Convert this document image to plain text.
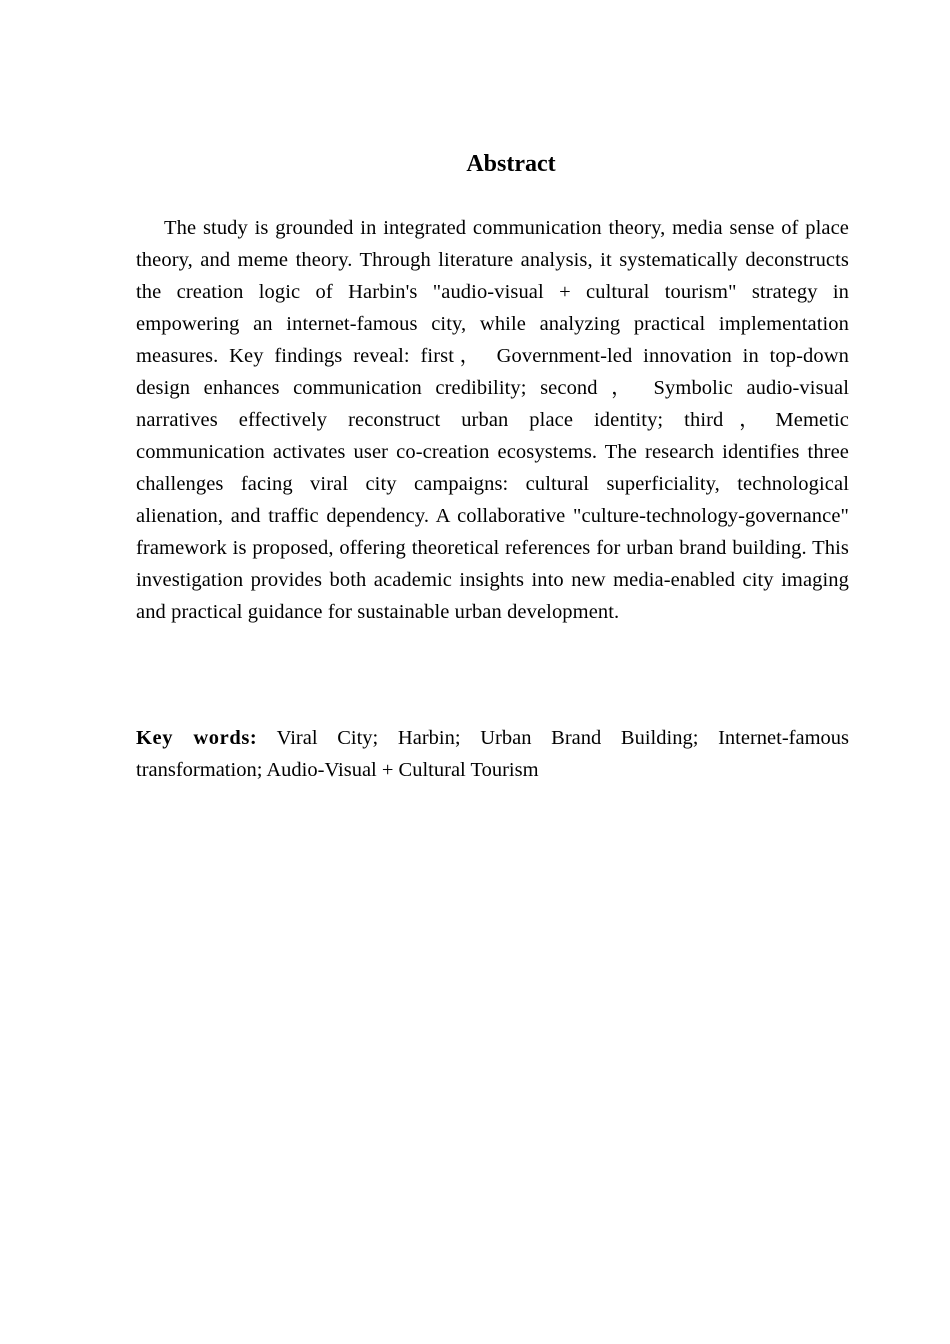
Abstract

The study is grounded in integrated communication theory, media sense of place theory, and meme theory. Through literature analysis, it systematically deconstructs the creation logic of Harbin's "audio-visual + cultural tourism" strategy in empowering an internet-famous city, while analyzing practical implementation measures. Key findings reveal: first， Government-led innovation in top-down design enhances communication credibility; second ， Symbolic audio-visual narratives effectively reconstruct urban place identity; third，Memetic communication activates user co-creation ecosystems. The research identifies three challenges facing viral city campaigns: cultural superficiality, technological alienation, and traffic dependency. A collaborative "culture-technology-governance" framework is proposed, offering theoretical references for urban brand building. This investigation provides both academic insights into new media-enabled city imaging and practical guidance for sustainable urban development.

Key words: Viral City; Harbin; Urban Brand Building; Internet-famous transformation; Audio-Visual + Cultural Tourism
